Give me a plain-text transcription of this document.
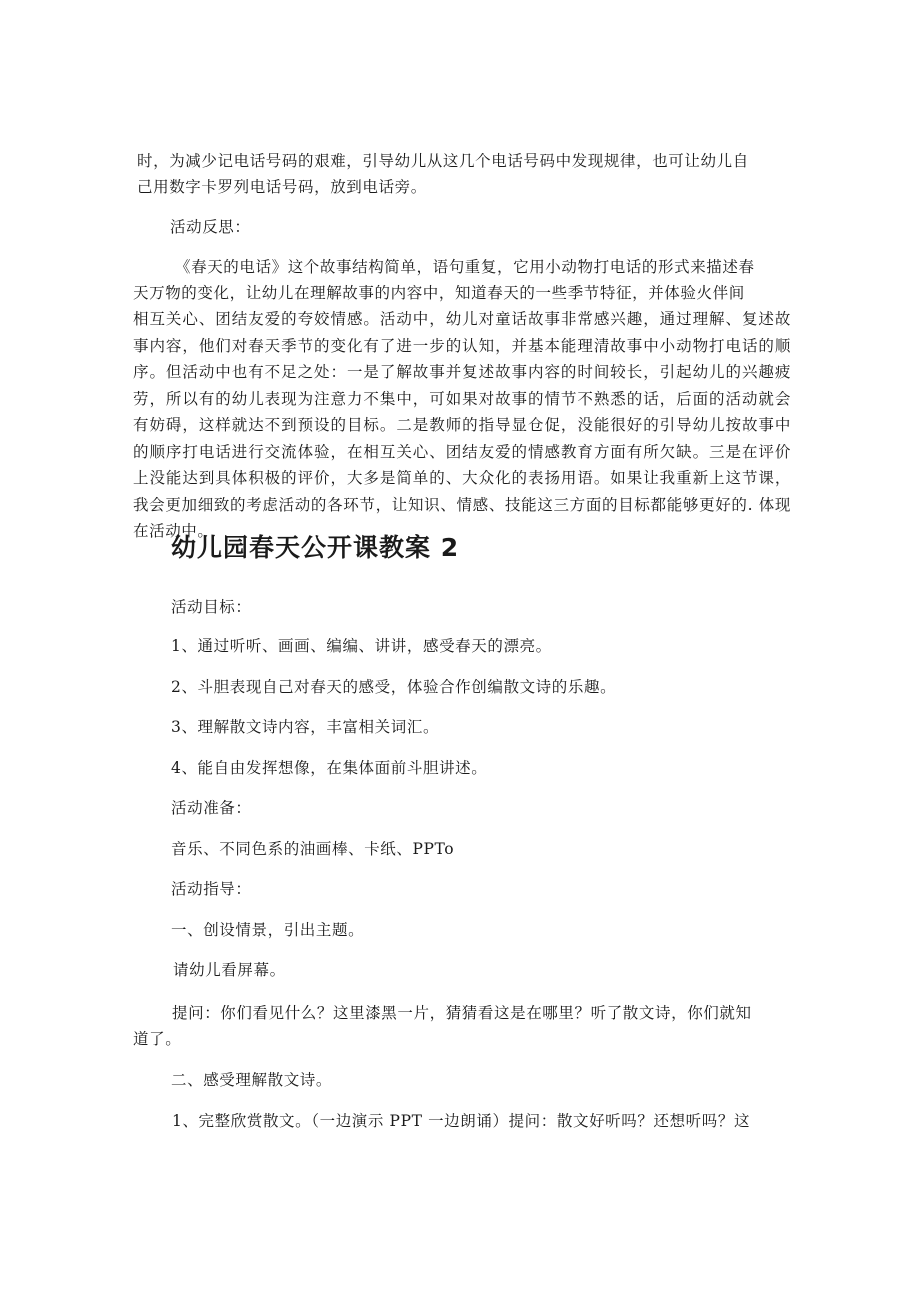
时，为减少记电话号码的艰难，引导幼儿从这几个电话号码中发现规律，也可让幼儿自

己用数字卡罗列电话号码，放到电话旁。

活动反思：

《春天的电话》这个故事结构简单，语句重复，它用小动物打电话的形式来描述春

天万物的变化，让幼儿在理解故事的内容中，知道春天的一些季节特征，并体验火伴间

相互关心、团结友爱的夸姣情感。活动中，幼儿对童话故事非常感兴趣，通过理解、复述故事内容，他们对春天季节的变化有了进一步的认知，并基本能理清故事中小动物打电话的顺序。但活动中也有不足之处：一是了解故事并复述故事内容的时间较长，引起幼儿的兴趣疲劳，所以有的幼儿表现为注意力不集中，可如果对故事的情节不熟悉的话，后面的活动就会有妨碍，这样就达不到预设的目标。二是教师的指导显仓促，没能很好的引导幼儿按故事中的顺序打电话进行交流体验，在相互关心、团结友爱的情感教育方面有所欠缺。三是在评价上没能达到具体积极的评价，大多是简单的、大众化的表扬用语。如果让我重新上这节课，我会更加细致的考虑活动的各环节，让知识、情感、技能这三方面的目标都能够更好的. 体现在活动中。

幼儿园春天公开课教案 2

活动目标：

1、通过听听、画画、编编、讲讲，感受春天的漂亮。

2、斗胆表现自己对春天的感受，体验合作创编散文诗的乐趣。

3、理解散文诗内容，丰富相关词汇。

4、能自由发挥想像，在集体面前斗胆讲述。

活动准备：

音乐、不同色系的油画棒、卡纸、PPTo

活动指导：

一、创设情景，引出主题。

请幼儿看屏幕。

提问：你们看见什么？这里漆黑一片，猜猜看这是在哪里？听了散文诗，你们就知

道了。

二、感受理解散文诗。

1、完整欣赏散文。（一边演示 PPT 一边朗诵）提问：散文好听吗？还想听吗？这
